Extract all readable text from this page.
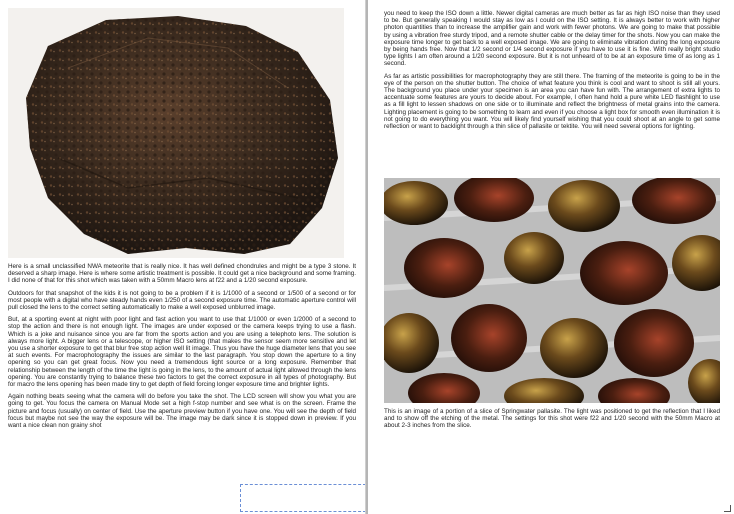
Here is a small unclassified NWA meteorite that is really nice. It has well defined chondrules and might be a type 3 stone. It deserved a sharp image. Here is where some artistic treatment is possible. It could get a nice background and some framing. I did none of that for this shot which was taken with a 50mm Macro lens at f22 and a 1/20 second exposure.

Outdoors for that snapshot of the kids it is not going to be a problem if it is 1/1000 of a second or 1/500 of a second or for most people with a digital who have steady hands even 1/250 of a second exposure time. The automatic aperture control will pull closed the lens to the correct setting automatically to make a well exposed unblurred image.

But, at a sporting event at night with poor light and fast action you want to use that 1/1000 or even 1/2000 of a second to stop the action and there is not enough light. The images are under exposed or the camera keeps trying to use a flash. Which is a joke and nuisance since you are far from the sports action and you are using a telephoto lens. The solution is always more light. A bigger lens or a telescope, or higher ISO setting (that makes the sensor seem more sensitive and let you use a shorter exposure to get that blur free stop action well lit image. Thus you have the huge diameter lens that you see at such events. For macrophotography the issues are similar to the last paragraph. You stop down the aperture to a tiny opening so you can get great focus. Now you need a tremendous light source or a long exposure. Remember that relationship between the length of the time the light is going in the lens, to the amount of actual light allowed through the lens opening. You are constantly trying to balance these two factors to get the correct exposure in all types of photography. But for macro the lens opening has been made tiny to get depth of field forcing longer exposure time and brighter lights.

Again nothing beats seeing what the camera will do before you take the shot. The LCD screen will show you what you are going to get. You focus the camera on Manual Mode set a high f-stop number and see what is on the screen. Frame the picture and focus (usually) on center of field. Use the aperture preview button if you have one. You will see the depth of field focus but maybe not see the way the exposure will be. The image may be dark since it is stopped down in preview. If you want a nice clean non grainy shot

you need to keep the ISO down a little. Newer digital cameras are much better as far as high ISO noise than they used to be. But generally speaking I would stay as low as I could on the ISO setting. It is always better to work with higher photon quantities than to increase the amplifier gain and work with fewer photons. We are going to make that possible by using a vibration free sturdy tripod, and a remote shutter cable or the delay timer for the shots. Now you can make the exposure time longer to get back to a well exposed image. We are going to eliminate vibration during the long exposure by being hands free. Now that 1/2 second or 1/4 second exposure if you have to use it is fine. With really bright studio type lights I am often around a 1/20 second exposure. But it is not unheard of to be at an exposure time of as long as 1 second.

As far as artistic possibilities for macrophotography they are still there. The framing of the meteorite is going to be in the eye of the person on the shutter button. The choice of what feature you think is cool and want to shoot is still all yours. The background you place under your specimen is an area you can have fun with. The arrangement of extra lights to accentuate some features are yours to decide about. For example, I often hand hold a pure white LED flashlight to use as a fill light to lessen shadows on one side or to illuminate and reflect the brightness of metal grains into the camera. Lighting placement is going to be something to learn and even if you choose a light box for smooth even illumination it is not going to do everything you want. You will likely find yourself wishing that you could shoot at an angle to get some reflection or want to backlight through a thin slice of pallasite or tektite. You will need several options for lighting.

This is an image of a portion of a slice of Springwater pallasite. The light was positioned to get the reflection that I liked and to show off the etching of the metal. The settings for this shot were f22 and 1/20 second with the 50mm Macro at about 2-3 inches from the slice.
